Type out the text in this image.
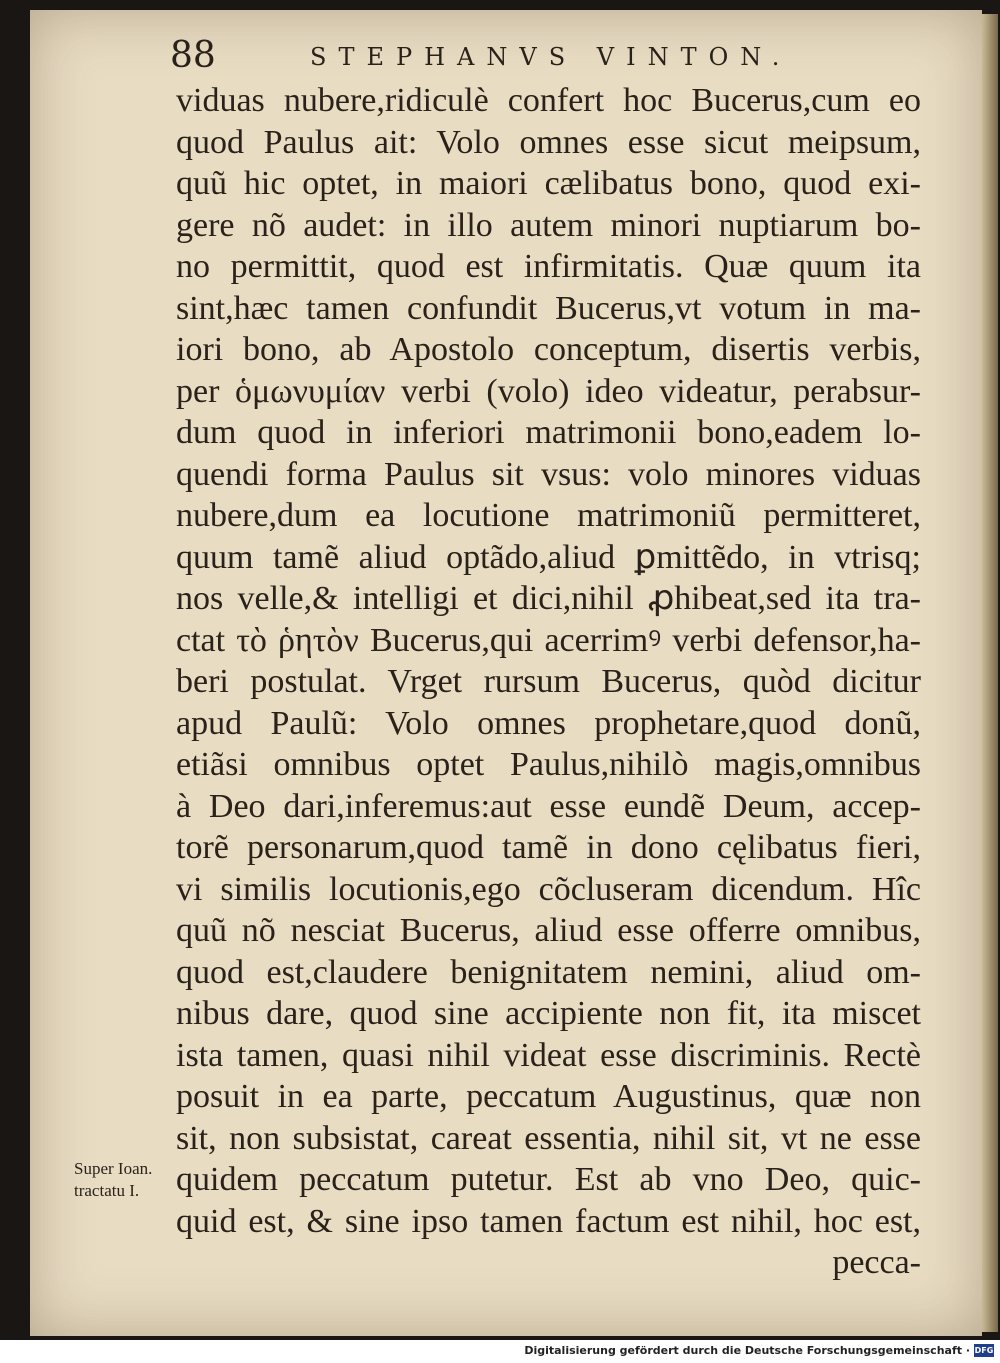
88	STEPHANVS VINTON.
viduas nubere,ridiculè confert hoc Bucerus,cum eo
quod Paulus ait: Volo omnes esse sicut meipsum,
quũ hic optet, in maiori cælibatus bono, quod exi-
gere nõ audet: in illo autem minori nuptiarum bo-
no permittit, quod est infirmitatis. Quæ quum ita
sint,hæc tamen confundit Bucerus,vt votum in ma-
iori bono, ab Apostolo conceptum, disertis verbis,
per ὁμωνυμίαν verbi (volo) ideo videatur, perabsur-
dum quod in inferiori matrimonii bono,eadem lo-
quendi forma Paulus sit vsus: volo minores viduas
nubere,dum ea locutione matrimoniũ permitteret,
quum tamẽ aliud optãdo,aliud ꝑmittẽdo, in vtrisq;
nos velle,& intelligi et dici,nihil ꝓhibeat,sed ita tra-
ctat τὸ ῥητὸν Bucerus,qui acerrimꝰ verbi defensor,ha-
beri postulat. Vrget rursum Bucerus, quòd dicitur
apud Paulũ: Volo omnes prophetare,quod donũ,
etiãsi omnibus optet Paulus,nihilò magis,omnibus
à Deo dari,inferemus:aut esse eundẽ Deum, accep-
torẽ personarum,quod tamẽ in dono cęlibatus fieri,
vi similis locutionis,ego cõcluseram dicendum. Hîc
quũ nõ nesciat Bucerus, aliud esse offerre omnibus,
quod est,claudere benignitatem nemini, aliud om-
nibus dare, quod sine accipiente non fit, ita miscet
ista tamen, quasi nihil videat esse discriminis. Rectè
posuit in ea parte, peccatum Augustinus, quæ non
sit, non subsistat, careat essentia, nihil sit, vt ne esse
quidem peccatum putetur. Est ab vno Deo, quic-
quid est, & sine ipso tamen factum est nihil, hoc est,
pecca-
Super Ioan.
tractatu I.
Digitalisierung gefördert durch die Deutsche Forschungsgemeinschaft · DFG
